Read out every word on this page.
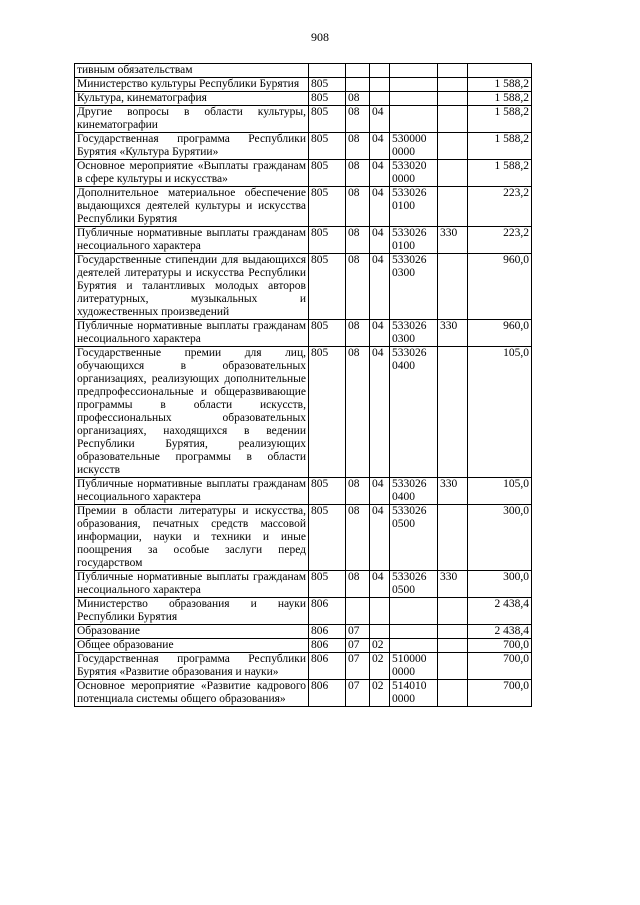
908
тивным обязательствам						
Министерство культуры Республики Бурятия	805					1 588,2
Культура, кинематография	805	08				1 588,2
Другие вопросы в области культуры, кинематографии	805	08	04			1 588,2
Государственная программа Республики Бурятия «Культура Бурятии»	805	08	04	530000 0000		1 588,2
Основное мероприятие «Выплаты гражданам в сфере культуры и искусства»	805	08	04	533020 0000		1 588,2
Дополнительное материальное обеспечение выдающихся деятелей культуры и искусства Республики Бурятия	805	08	04	533026 0100		223,2
Публичные нормативные выплаты гражданам несоциального характера	805	08	04	533026 0100	330	223,2
Государственные стипендии для выдающихся деятелей литературы и искусства Республики Бурятия и талантливых молодых авторов литературных, музыкальных и художественных произведений	805	08	04	533026 0300		960,0
Публичные нормативные выплаты гражданам несоциального характера	805	08	04	533026 0300	330	960,0
Государственные премии для лиц, обучающихся в образовательных организациях, реализующих дополнительные предпрофессиональные и общеразвивающие программы в области искусств, профессиональных образовательных организациях, находящихся в ведении Республики Бурятия, реализующих образовательные программы в области искусств	805	08	04	533026 0400		105,0
Публичные нормативные выплаты гражданам несоциального характера	805	08	04	533026 0400	330	105,0
Премии в области литературы и искусства, образования, печатных средств массовой информации, науки и техники и иные поощрения за особые заслуги перед государством	805	08	04	533026 0500		300,0
Публичные нормативные выплаты гражданам несоциального характера	805	08	04	533026 0500	330	300,0
Министерство образования и науки Республики Бурятия	806					2 438,4
Образование	806	07				2 438,4
Общее образование	806	07	02			700,0
Государственная программа Республики Бурятия «Развитие образования и науки»	806	07	02	510000 0000		700,0
Основное мероприятие «Развитие кадрового потенциала системы общего образования»	806	07	02	514010 0000		700,0
